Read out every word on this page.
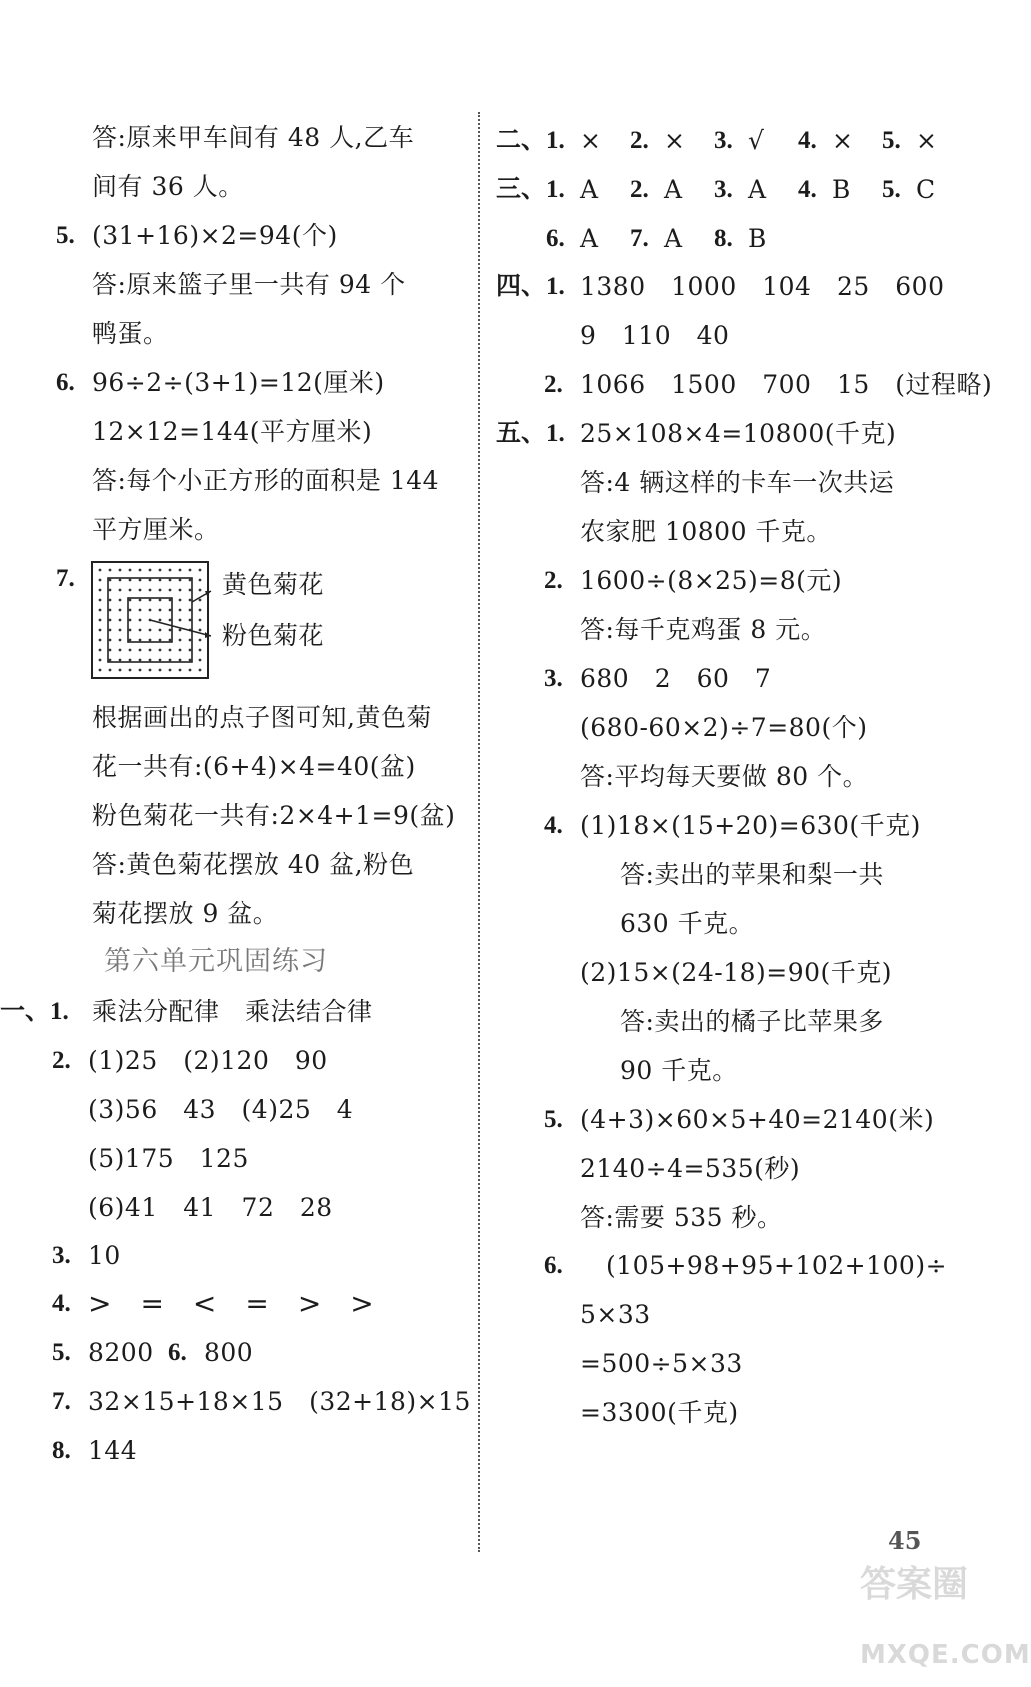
答:原来甲车间有 48 人,乙车
间有 36 人。
5. (31+16)×2=94(个)
答:原来篮子里一共有 94 个
鸭蛋。
6. 96÷2÷(3+1)=12(厘米)
12×12=144(平方厘米)
答:每个小正方形的面积是 144
平方厘米。
7.	黄色菊花
粉色菊花
根据画出的点子图可知,黄色菊
花一共有:(6+4)×4=40(盆)
粉色菊花一共有:2×4+1=9(盆)
答:黄色菊花摆放 40 盆,粉色
菊花摆放 9 盆。
第六单元巩固练习
一、1. 乘法分配律　乘法结合律
2. (1)25　(2)120　90
(3)56　43　(4)25　4
(5)175　125
(6)41　41　72　28
3. 10
4. >　=　<　=　>　>
5. 8200 6. 800
7. 32×15+18×15　(32+18)×15
8. 144
二、1. × 2. × 3. √ 4. × 5. ×
三、1. A 2. A 3. A 4. B 5. C
6. A 7. A 8. B
四、1. 1380　1000　104　25　600
9　110　40
2. 1066　1500　700　15　(过程略)
五、1. 25×108×4=10800(千克)
答:4 辆这样的卡车一次共运
农家肥 10800 千克。
2. 1600÷(8×25)=8(元)
答:每千克鸡蛋 8 元。
3. 680　2　60　7
(680-60×2)÷7=80(个)
答:平均每天要做 80 个。
4. (1)18×(15+20)=630(千克)
答:卖出的苹果和梨一共
630 千克。
(2)15×(24-18)=90(千克)
答:卖出的橘子比苹果多
90 千克。
5. (4+3)×60×5+40=2140(米)
2140÷4=535(秒)
答:需要 535 秒。
6. (105+98+95+102+100)÷
5×33
=500÷5×33
=3300(千克)
45

答案圈

MXQE.COM
